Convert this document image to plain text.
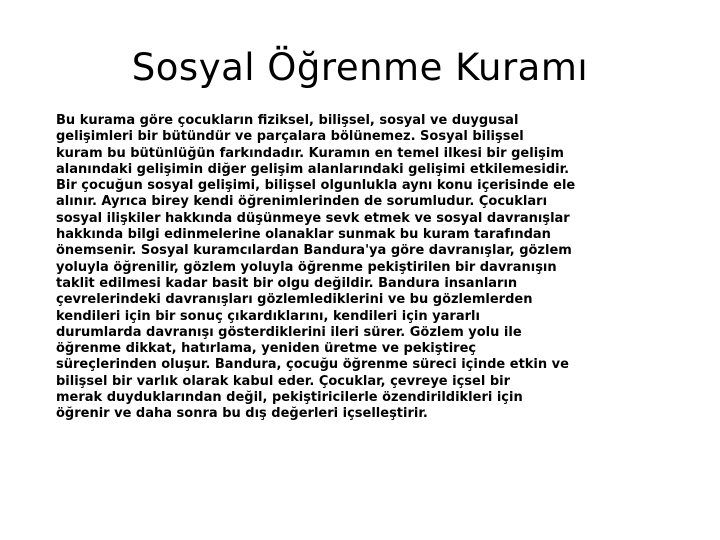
Sosyal Öğrenme Kuramı
Bu kurama göre çocukların fiziksel, bilişsel, sosyal ve duygusal
gelişimleri bir bütündür ve parçalara bölünemez. Sosyal bilişsel
kuram bu bütünlüğün farkındadır. Kuramın en temel ilkesi bir gelişim
alanındaki gelişimin diğer gelişim alanlarındaki gelişimi etkilemesidir.
Bir çocuğun sosyal gelişimi, bilişsel olgunlukla aynı konu içerisinde ele
alınır. Ayrıca birey kendi öğrenimlerinden de sorumludur. Çocukları
sosyal ilişkiler hakkında düşünmeye sevk etmek ve sosyal davranışlar
hakkında bilgi edinmelerine olanaklar sunmak bu kuram tarafından
önemsenir. Sosyal kuramcılardan Bandura'ya göre davranışlar, gözlem
yoluyla öğrenilir, gözlem yoluyla öğrenme pekiştirilen bir davranışın
taklit edilmesi kadar basit bir olgu değildir. Bandura insanların
çevrelerindeki davranışları gözlemlediklerini ve bu gözlemlerden
kendileri için bir sonuç çıkardıklarını, kendileri için yararlı
durumlarda davranışı gösterdiklerini ileri sürer. Gözlem yolu ile
öğrenme dikkat, hatırlama, yeniden üretme ve pekiştireç
süreçlerinden oluşur. Bandura, çocuğu öğrenme süreci içinde etkin ve
bilişsel bir varlık olarak kabul eder. Çocuklar, çevreye içsel bir
merak duyduklarından değil, pekiştiricilerle özendirildikleri için
öğrenir ve daha sonra bu dış değerleri içselleştirir.
